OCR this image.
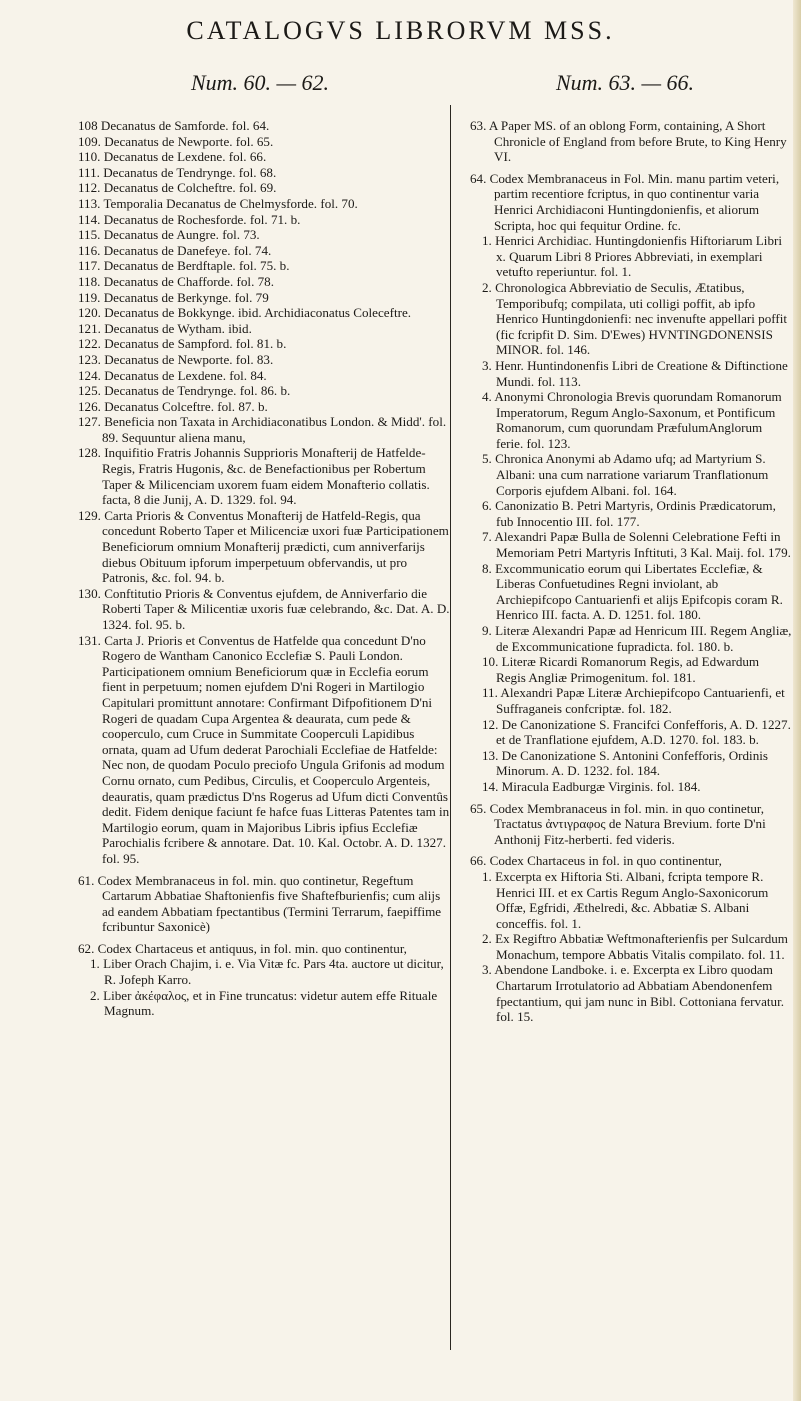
CATALOGVS LIBRORVM MSS.
Num. 60. — 62.	Num. 63. — 66.
108 Decanatus de Samforde. fol. 64.
109. Decanatus de Newporte. fol. 65.
110. Decanatus de Lexdene. fol. 66.
111. Decanatus de Tendrynge. fol. 68.
112. Decanatus de Colcheftre. fol. 69.
113. Temporalia Decanatus de Chelmysforde. fol. 70.
114. Decanatus de Rochesforde. fol. 71. b.
115. Decanatus de Aungre. fol. 73.
116. Decanatus de Danefeye. fol. 74.
117. Decanatus de Berdftaple. fol. 75. b.
118. Decanatus de Chafforde. fol. 78.
119. Decanatus de Berkynge. fol. 79
120. Decanatus de Bokkynge. ibid. Archidiaconatus Coleceftre.
121. Decanatus de Wytham. ibid.
122. Decanatus de Sampford. fol. 81. b.
123. Decanatus de Newporte. fol. 83.
124. Decanatus de Lexdene. fol. 84.
125. Decanatus de Tendrynge. fol. 86. b.
126. Decanatus Colceftre. fol. 87. b.
127. Beneficia non Taxata in Archidiaconatibus London. & Midd'. fol. 89. Sequuntur aliena manu,
128. Inquifitio Fratris Johannis Supprioris Monafterij de Hatfelde-Regis, Fratris Hugonis, &c. de Benefactionibus per Robertum Taper & Milicenciam uxorem fuam eidem Monafterio collatis. facta, 8 die Junij, A. D. 1329. fol. 94.
129. Carta Prioris & Conventus Monafterij de Hatfeld-Regis, qua concedunt Roberto Taper et Milicenciæ uxori fuæ Participationem Beneficiorum omnium Monafterij prædicti, cum anniverfarijs diebus Obituum ipforum imperpetuum obfervandis, ut pro Patronis, &c. fol. 94. b.
130. Conftitutio Prioris & Conventus ejufdem, de Anniverfario die Roberti Taper & Milicentiæ uxoris fuæ celebrando, &c. Dat. A. D. 1324. fol. 95. b.
131. Carta J. Prioris et Conventus de Hatfelde qua concedunt D'no Rogero de Wantham Canonico Ecclefiæ S. Pauli London. Participationem omnium Beneficiorum quæ in Ecclefia eorum fient in perpetuum; nomen ejufdem D'ni Rogeri in Martilogio Capitulari promittunt annotare: Confirmant Difpofitionem D'ni Rogeri de quadam Cupa Argentea & deaurata, cum pede & cooperculo, cum Cruce in Summitate Cooperculi Lapidibus ornata, quam ad Ufum dederat Parochiali Ecclefiae de Hatfelde: Nec non, de quodam Poculo preciofo Ungula Grifonis ad modum Cornu ornato, cum Pedibus, Circulis, et Cooperculo Argenteis, deauratis, quam prædictus D'ns Rogerus ad Ufum dicti Conventûs dedit. Fidem denique faciunt fe hafce fuas Litteras Patentes tam in Martilogio eorum, quam in Majoribus Libris ipfius Ecclefiæ Parochialis fcribere & annotare. Dat. 10. Kal. Octobr. A. D. 1327. fol. 95.
61. Codex Membranaceus in fol. min. quo continetur, Regeftum Cartarum Abbatiae Shaftonienfis five Shaftefburienfis; cum alijs ad eandem Abbatiam fpectantibus (Termini Terrarum, faepiffime fcribuntur Saxonicè)
62. Codex Chartaceus et antiquus, in fol. min. quo continentur,
1. Liber Orach Chajim, i. e. Via Vitæ fc. Pars 4ta. auctore ut dicitur, R. Jofeph Karro.
2. Liber ἀκέφαλος, et in Fine truncatus: videtur autem effe Rituale Magnum.
63. A Paper MS. of an oblong Form, containing, A Short Chronicle of England from before Brute, to King Henry VI.
64. Codex Membranaceus in Fol. Min. manu partim veteri, partim recentiore fcriptus, in quo continentur varia Henrici Archidiaconi Huntingdonienfis, et aliorum Scripta, hoc qui fequitur Ordine. fc.
1. Henrici Archidiac. Huntingdonienfis Hiftoriarum Libri x. Quarum Libri 8 Priores Abbreviati, in exemplari vetufto reperiuntur. fol. 1.
2. Chronologica Abbreviatio de Seculis, Ætatibus, Temporibufq; compilata, uti colligi poffit, ab ipfo Henrico Huntingdonienfi: nec invenufte appellari poffit (fic fcripfit D. Sim. D'Ewes) HVNTINGDONENSIS MINOR. fol. 146.
3. Henr. Huntindonenfis Libri de Creatione & Diftinctione Mundi. fol. 113.
4. Anonymi Chronologia Brevis quorundam Romanorum Imperatorum, Regum Anglo-Saxonum, et Pontificum Romanorum, cum quorundam PræfulumAnglorum ferie. fol. 123.
5. Chronica Anonymi ab Adamo ufq; ad Martyrium S. Albani: una cum narratione variarum Tranflationum Corporis ejufdem Albani. fol. 164.
6. Canonizatio B. Petri Martyris, Ordinis Prædicatorum, fub Innocentio III. fol. 177.
7. Alexandri Papæ Bulla de Solenni Celebratione Fefti in Memoriam Petri Martyris Inftituti, 3 Kal. Maij. fol. 179.
8. Excommunicatio eorum qui Libertates Ecclefiæ, & Liberas Confuetudines Regni inviolant, ab Archiepifcopo Cantuarienfi et alijs Epifcopis coram R. Henrico III. facta. A. D. 1251. fol. 180.
9. Literæ Alexandri Papæ ad Henricum III. Regem Angliæ, de Excommunicatione fupradicta. fol. 180. b.
10. Literæ Ricardi Romanorum Regis, ad Edwardum Regis Angliæ Primogenitum. fol. 181.
11. Alexandri Papæ Literæ Archiepifcopo Cantuarienfi, et Suffraganeis confcriptæ. fol. 182.
12. De Canonizatione S. Francifci Confefforis, A. D. 1227. et de Tranflatione ejufdem, A.D. 1270. fol. 183. b.
13. De Canonizatione S. Antonini Confefforis, Ordinis Minorum. A. D. 1232. fol. 184.
14. Miracula Eadburgæ Virginis. fol. 184.
65. Codex Membranaceus in fol. min. in quo continetur, Tractatus ἀντιγραφος de Natura Brevium. forte D'ni Anthonij Fitz-herberti. fed videris.
66. Codex Chartaceus in fol. in quo continentur,
1. Excerpta ex Hiftoria Sti. Albani, fcripta tempore R. Henrici III. et ex Cartis Regum Anglo-Saxonicorum Offæ, Egfridi, Æthelredi, &c. Abbatiæ S. Albani conceffis. fol. 1.
2. Ex Regiftro Abbatiæ Weftmonafterienfis per Sulcardum Monachum, tempore Abbatis Vitalis compilato. fol. 11.
3. Abendone Landboke. i. e. Excerpta ex Libro quodam Chartarum Irrotulatorio ad Abbatiam Abendonenfem fpectantium, qui jam nunc in Bibl. Cottoniana fervatur. fol. 15.
